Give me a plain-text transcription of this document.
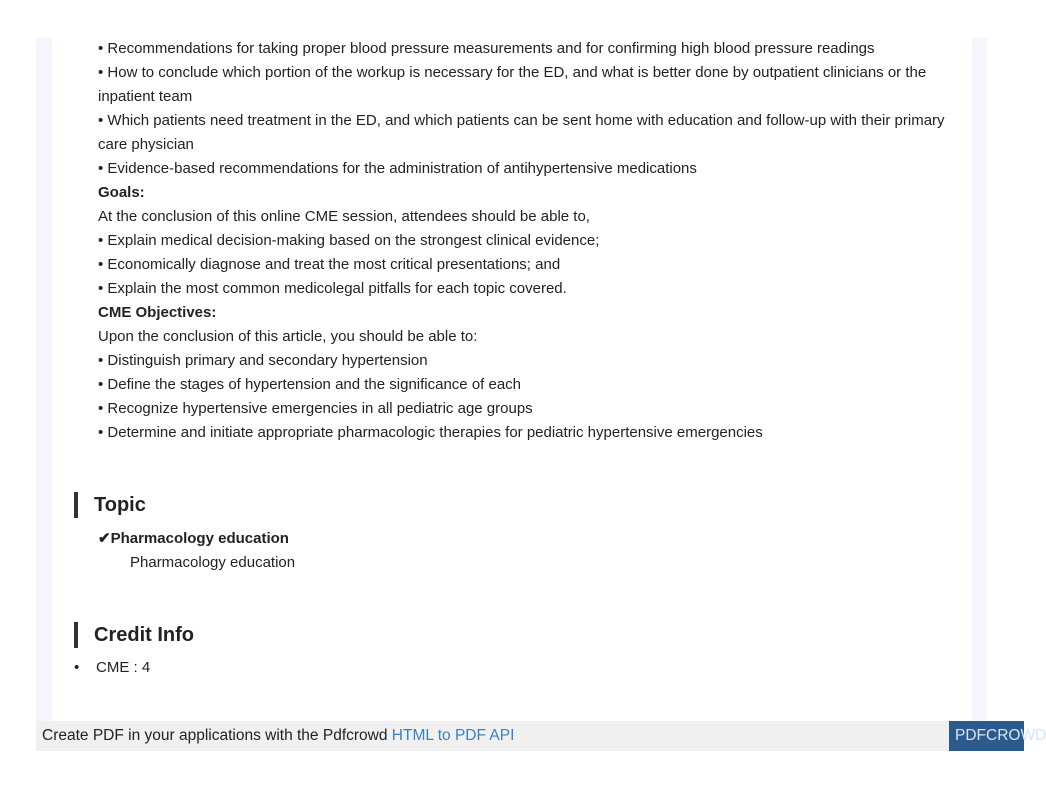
• Recommendations for taking proper blood pressure measurements and for confirming high blood pressure readings

• How to conclude which portion of the workup is necessary for the ED, and what is better done by outpatient clinicians or the inpatient team

• Which patients need treatment in the ED, and which patients can be sent home with education and follow-up with their primary care physician

• Evidence-based recommendations for the administration of antihypertensive medications

Goals:

At the conclusion of this online CME session, attendees should be able to,

• Explain medical decision-making based on the strongest clinical evidence;

• Economically diagnose and treat the most critical presentations; and

• Explain the most common medicolegal pitfalls for each topic covered.

CME Objectives:

Upon the conclusion of this article, you should be able to:

• Distinguish primary and secondary hypertension

• Define the stages of hypertension and the significance of each

• Recognize hypertensive emergencies in all pediatric age groups

• Determine and initiate appropriate pharmacologic therapies for pediatric hypertensive emergencies

Topic
✔Pharmacology education
Pharmacology education
Credit Info
• CME : 4
Create PDF in your applications with the Pdfcrowd HTML to PDF API	PDFCROWD
